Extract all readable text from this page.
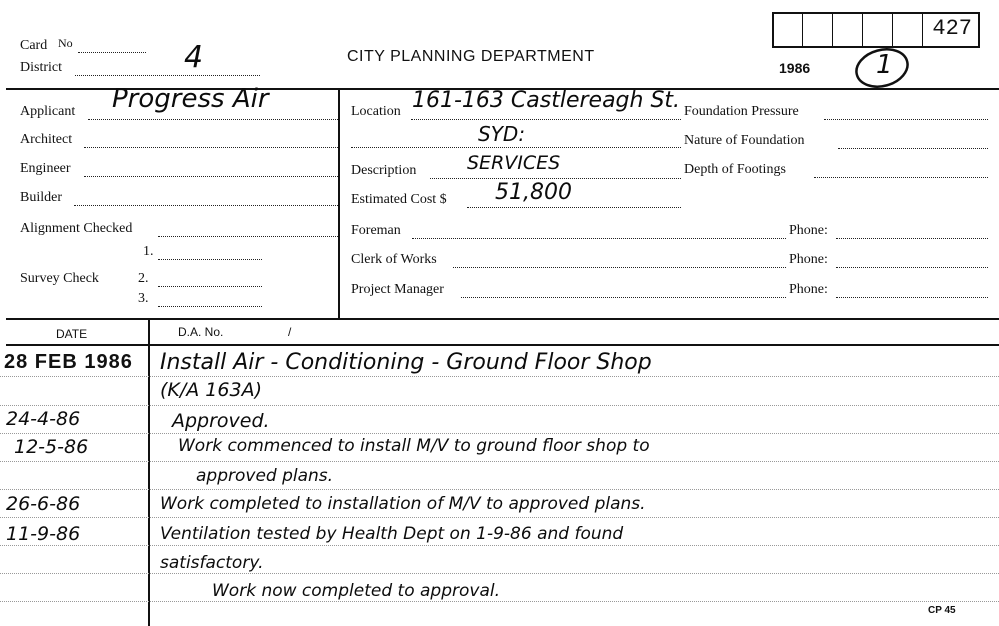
Card No
District	4	CITY PLANNING DEPARTMENT
1986
427
1
Applicant Progress Air
Architect
Engineer
Builder
Alignment Checked
Survey Check
1.
2.
3.
Location 161-163 Castlereagh St.
SYD:
Description	SERVICES
Estimated Cost $ 51,800
Foreman
Clerk of Works
Project Manager
Foundation Pressure
Nature of Foundation
Depth of Footings
Phone:
Phone:
Phone:
DATE	D.A. No.	/
28 FEB 1986 Install Air - Conditioning - Ground Floor Shop
(K/A 163A)
24-4-86	Approved.
12-5-86	Work commenced to install M/V to ground floor shop to
approved plans.
26-6-86	Work completed to installation of M/V to approved plans.
11-9-86	Ventilation tested by Health Dept on 1-9-86 and found
satisfactory.
Work now completed to approval.
CP 45
